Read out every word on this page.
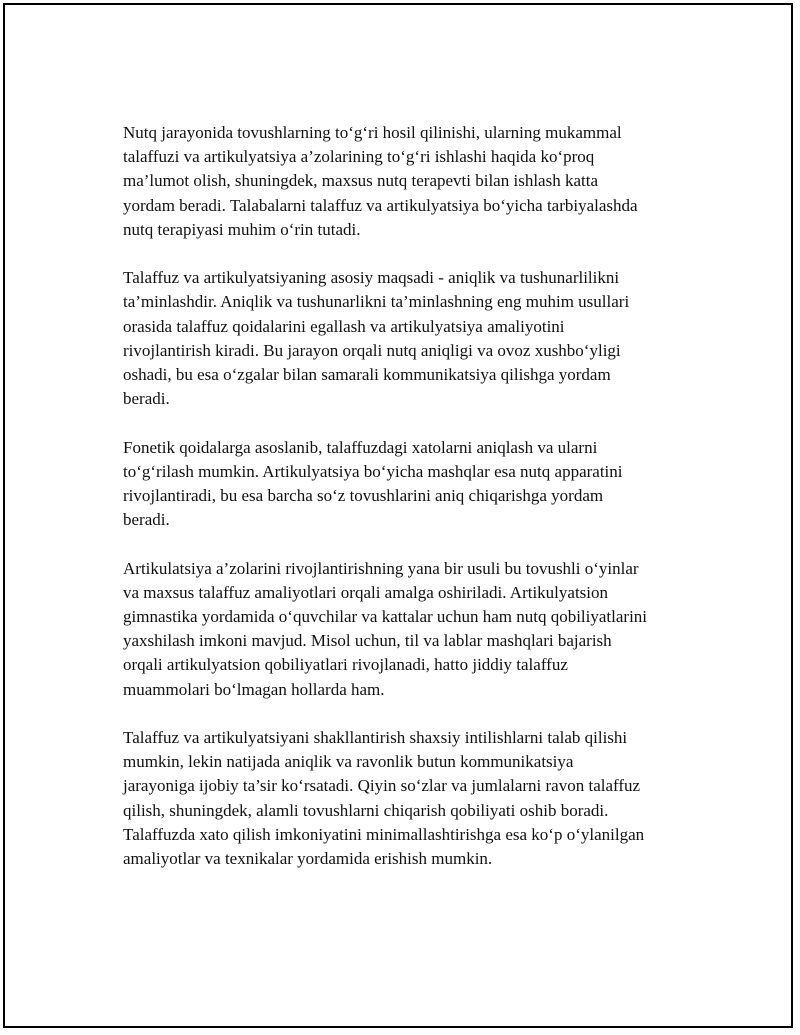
Nutq jarayonida tovushlarning to‘g‘ri hosil qilinishi, ularning mukammal
talaffuzi va artikulyatsiya a’zolarining to‘g‘ri ishlashi haqida ko‘proq
ma’lumot olish, shuningdek, maxsus nutq terapevti bilan ishlash katta
yordam beradi. Talabalarni talaffuz va artikulyatsiya bo‘yicha tarbiyalashda
nutq terapiyasi muhim o‘rin tutadi.

Talaffuz va artikulyatsiyaning asosiy maqsadi - aniqlik va tushunarlilikni
ta’minlashdir. Aniqlik va tushunarlikni ta’minlashning eng muhim usullari
orasida talaffuz qoidalarini egallash va artikulyatsiya amaliyotini
rivojlantirish kiradi. Bu jarayon orqali nutq aniqligi va ovoz xushbo‘yligi
oshadi, bu esa o‘zgalar bilan samarali kommunikatsiya qilishga yordam
beradi.

Fonetik qoidalarga asoslanib, talaffuzdagi xatolarni aniqlash va ularni
to‘g‘rilash mumkin. Artikulyatsiya bo‘yicha mashqlar esa nutq apparatini
rivojlantiradi, bu esa barcha so‘z tovushlarini aniq chiqarishga yordam
beradi.

Artikulatsiya a’zolarini rivojlantirishning yana bir usuli bu tovushli o‘yinlar
va maxsus talaffuz amaliyotlari orqali amalga oshiriladi. Artikulyatsion
gimnastika yordamida o‘quvchilar va kattalar uchun ham nutq qobiliyatlarini
yaxshilash imkoni mavjud. Misol uchun, til va lablar mashqlari bajarish
orqali artikulyatsion qobiliyatlari rivojlanadi, hatto jiddiy talaffuz
muammolari bo‘lmagan hollarda ham.

Talaffuz va artikulyatsiyani shakllantirish shaxsiy intilishlarni talab qilishi
mumkin, lekin natijada aniqlik va ravonlik butun kommunikatsiya
jarayoniga ijobiy ta’sir ko‘rsatadi. Qiyin so‘zlar va jumlalarni ravon talaffuz
qilish, shuningdek, alamli tovushlarni chiqarish qobiliyati oshib boradi.
Talaffuzda xato qilish imkoniyatini minimallashtirishga esa ko‘p o‘ylanilgan
amaliyotlar va texnikalar yordamida erishish mumkin.
